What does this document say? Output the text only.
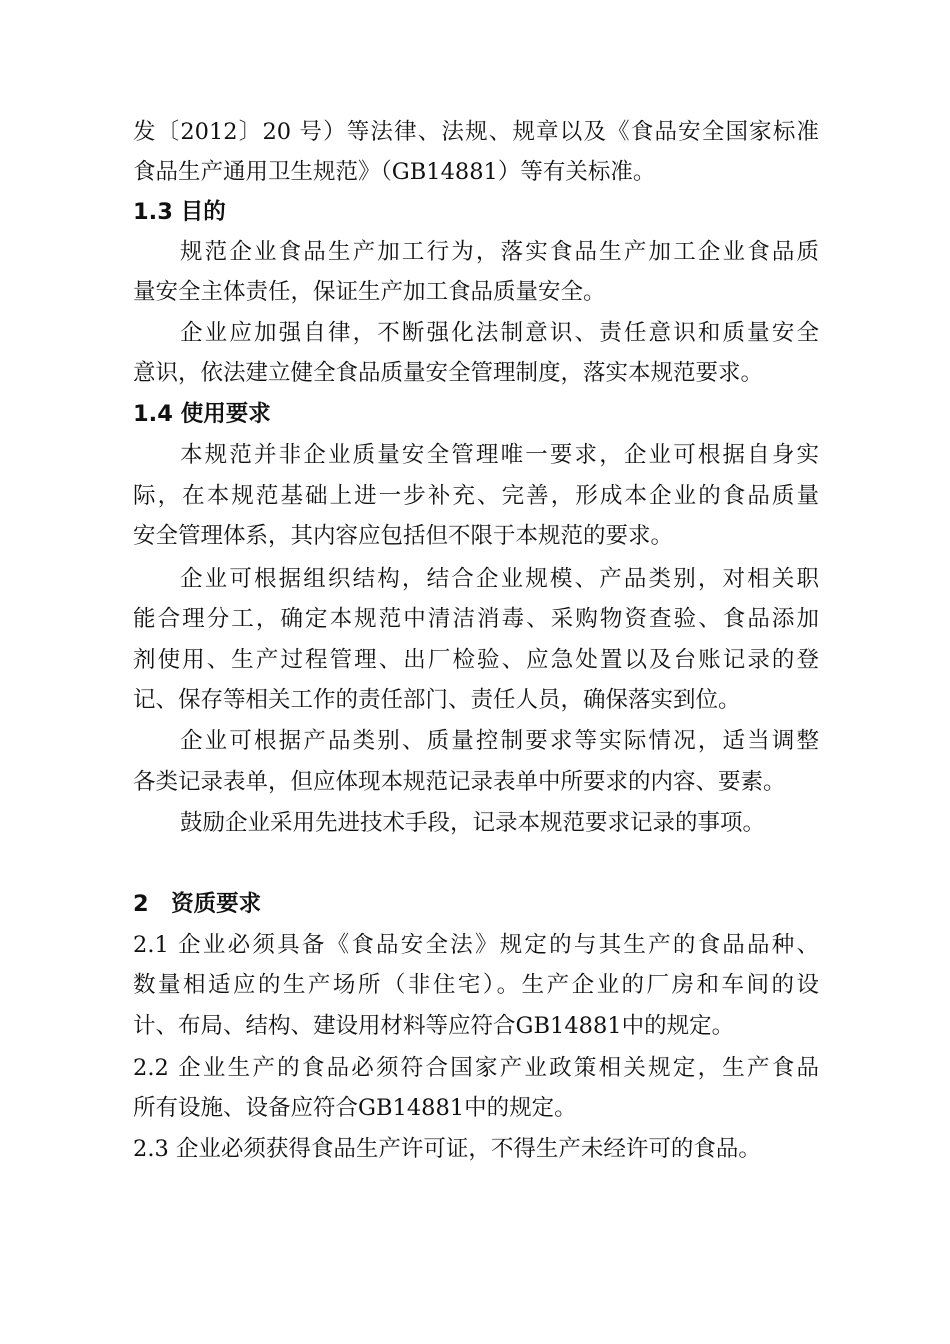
发〔2012〕20 号）等法律、法规、规章以及《食品安全国家标准
食品生产通用卫生规范》（GB14881）等有关标准。
1.3 目的
规范企业食品生产加工行为，落实食品生产加工企业食品质
量安全主体责任，保证生产加工食品质量安全。
企业应加强自律，不断强化法制意识、责任意识和质量安全
意识，依法建立健全食品质量安全管理制度，落实本规范要求。
1.4 使用要求
本规范并非企业质量安全管理唯一要求，企业可根据自身实
际，在本规范基础上进一步补充、完善，形成本企业的食品质量
安全管理体系，其内容应包括但不限于本规范的要求。
企业可根据组织结构，结合企业规模、产品类别，对相关职
能合理分工，确定本规范中清洁消毒、采购物资查验、食品添加
剂使用、生产过程管理、出厂检验、应急处置以及台账记录的登
记、保存等相关工作的责任部门、责任人员，确保落实到位。
企业可根据产品类别、质量控制要求等实际情况，适当调整
各类记录表单，但应体现本规范记录表单中所要求的内容、要素。
鼓励企业采用先进技术手段，记录本规范要求记录的事项。
2　资质要求
2.1 企业必须具备《食品安全法》规定的与其生产的食品品种、
数量相适应的生产场所（非住宅）。生产企业的厂房和车间的设
计、布局、结构、建设用材料等应符合GB14881中的规定。
2.2 企业生产的食品必须符合国家产业政策相关规定，生产食品
所有设施、设备应符合GB14881中的规定。
2.3 企业必须获得食品生产许可证，不得生产未经许可的食品。
